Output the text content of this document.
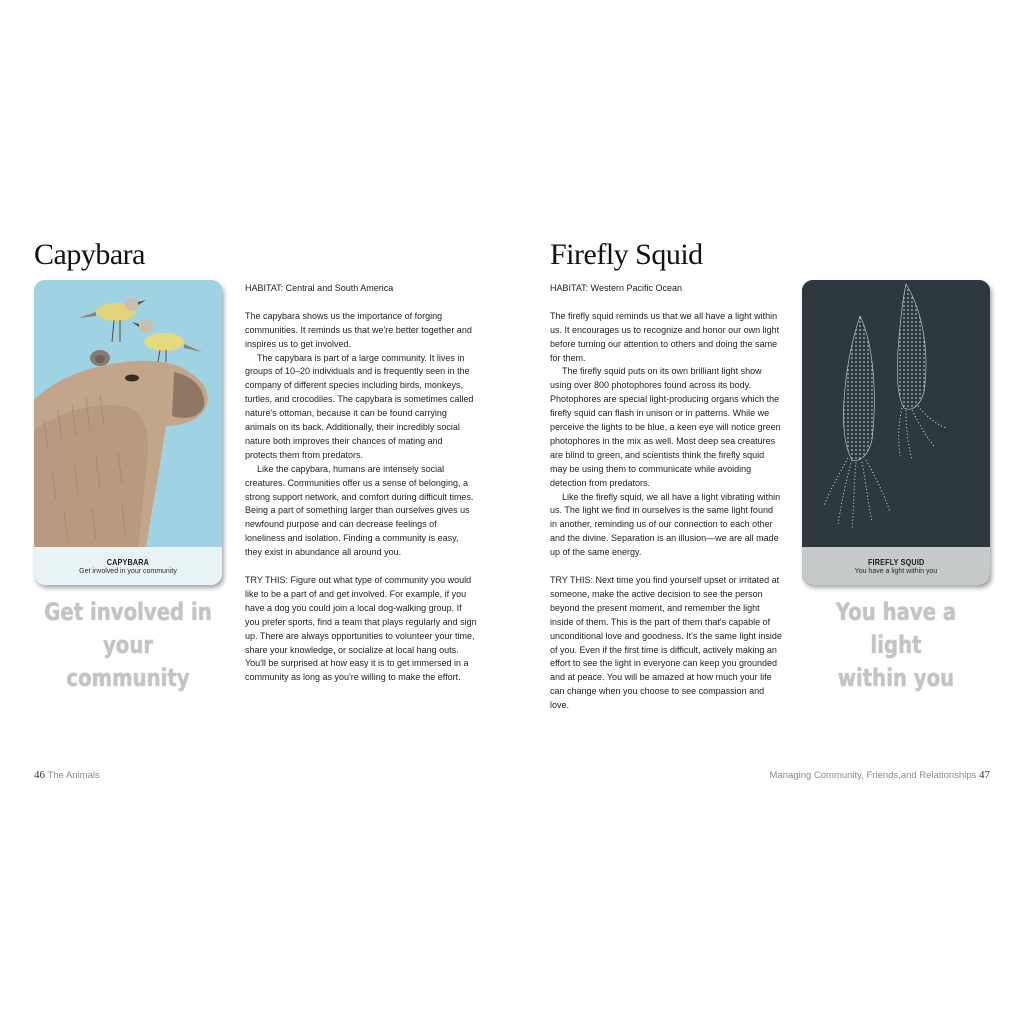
Capybara
CAPYBARA
Get involved in your community
Get involved in your
community

HABITAT: Central and South America

The capybara shows us the importance of forging communities. It reminds us that we're better together and inspires us to get involved.

The capybara is part of a large community. It lives in groups of 10–20 individuals and is frequently seen in the company of different species including birds, monkeys, turtles, and crocodiles. The capybara is sometimes called nature's ottoman, because it can be found carrying animals on its back. Additionally, their incredibly social nature both improves their chances of mating and protects them from predators.

Like the capybara, humans are intensely social creatures. Communities offer us a sense of belonging, a strong support network, and comfort during difficult times. Being a part of something larger than ourselves gives us newfound purpose and can decrease feelings of loneliness and isolation. Finding a community is easy, they exist in abundance all around you.

TRY THIS: Figure out what type of community you would like to be a part of and get involved. For example, if you have a dog you could join a local dog-walking group. If you prefer sports, find a team that plays regularly and sign up. There are always opportunities to volunteer your time, share your knowledge, or socialize at local hang outs. You'll be surprised at how easy it is to get immersed in a community as long as you're willing to make the effort.

46 The Animals
Firefly Squid
FIREFLY SQUID
You have a light within you
You have a light
within you

HABITAT: Western Pacific Ocean

The firefly squid reminds us that we all have a light within us. It encourages us to recognize and honor our own light before turning our attention to others and doing the same for them.

The firefly squid puts on its own brilliant light show using over 800 photophores found across its body. Photophores are special light-producing organs which the firefly squid can flash in unison or in patterns. While we perceive the lights to be blue, a keen eye will notice green photophores in the mix as well. Most deep sea creatures are blind to green, and scientists think the firefly squid may be using them to communicate while avoiding detection from predators.

Like the firefly squid, we all have a light vibrating within us. The light we find in ourselves is the same light found in another, reminding us of our connection to each other and the divine. Separation is an illusion—we are all made up of the same energy.

TRY THIS: Next time you find yourself upset or irritated at someone, make the active decision to see the person beyond the present moment, and remember the light inside of them. This is the part of them that's capable of unconditional love and goodness. It's the same light inside of you. Even if the first time is difficult, actively making an effort to see the light in everyone can keep you grounded and at peace. You will be amazed at how much your life can change when you choose to see compassion and love.

Managing Community, Friends,and Relationships 47
